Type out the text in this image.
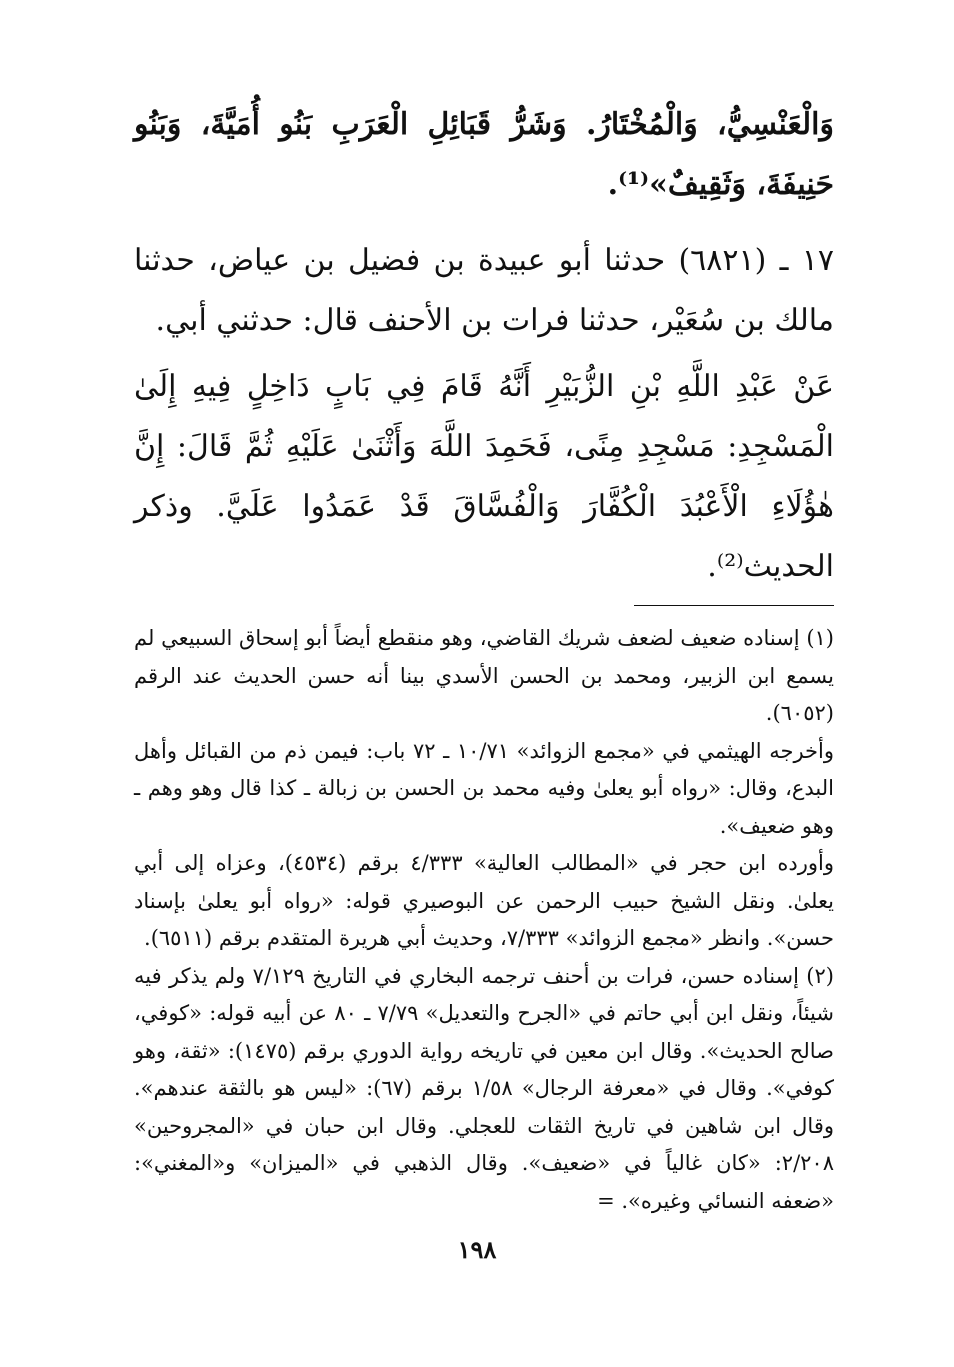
وَالْعَنْسِيُّ، وَالْمُخْتَارُ. وَشَرُّ قَبَائِلِ الْعَرَبِ بَنُو أُمَيَّةَ، وَبَنُو حَنِيفَةَ، وَثَقِيفٌ»⁽¹⁾.

١٧ ـ (٦٨٢١) حدثنا أبو عبيدة بن فضيل بن عياض، حدثنا مالك بن سُعَيْر، حدثنا فرات بن الأحنف قال: حدثني أبي.

عَنْ عَبْدِ اللَّهِ بْنِ الزُّبَيْرِ أَنَّهُ قَامَ فِي بَابٍ دَاخِلٍ فِيهِ إِلَىٰ الْمَسْجِدِ: مَسْجِدِ مِنًى، فَحَمِدَ اللَّهَ وَأَثْنَىٰ عَلَيْهِ ثُمَّ قَالَ: إِنَّ هٰؤُلَاءِ الْأَعْبُدَ الْكُفَّارَ وَالْفُسَّاقَ قَدْ عَمَدُوا عَلَيَّ. وذكر الحديث⁽²⁾.

(١) إسناده ضعيف لضعف شريك القاضي، وهو منقطع أيضاً أبو إسحاق السبيعي لم يسمع ابن الزبير، ومحمد بن الحسن الأسدي بينا أنه حسن الحديث عند الرقم (٦٠٥٢).

وأخرجه الهيثمي في «مجمع الزوائد» ١٠/٧١ ـ ٧٢ باب: فيمن ذم من القبائل وأهل البدع، وقال: «رواه أبو يعلىٰ وفيه محمد بن الحسن بن زبالة ـ كذا قال وهو وهم ـ وهو ضعيف».

وأورده ابن حجر في «المطالب العالية» ٤/٣٣٣ برقم (٤٥٣٤)، وعزاه إلى أبي يعلىٰ. ونقل الشيخ حبيب الرحمن عن البوصيري قوله: «رواه أبو يعلىٰ بإسناد حسن». وانظر «مجمع الزوائد» ٧/٣٣٣، وحديث أبي هريرة المتقدم برقم (٦٥١١).

(٢) إسناده حسن، فرات بن أحنف ترجمه البخاري في التاريخ ٧/١٢٩ ولم يذكر فيه شيئاً، ونقل ابن أبي حاتم في «الجرح والتعديل» ٧/٧٩ ـ ٨٠ عن أبيه قوله: «كوفي، صالح الحديث». وقال ابن معين في تاريخه رواية الدوري برقم (١٤٧٥): «ثقة، وهو كوفي». وقال في «معرفة الرجال» ١/٥٨ برقم (٦٧): «ليس هو بالثقة عندهم». وقال ابن شاهين في تاريخ الثقات للعجلي. وقال ابن حبان في «المجروحين» ٢/٢٠٨: «كان غالياً في «ضعيف». وقال الذهبي في «الميزان» و«المغني»: «ضعفه النسائي وغيره». =

١٩٨
